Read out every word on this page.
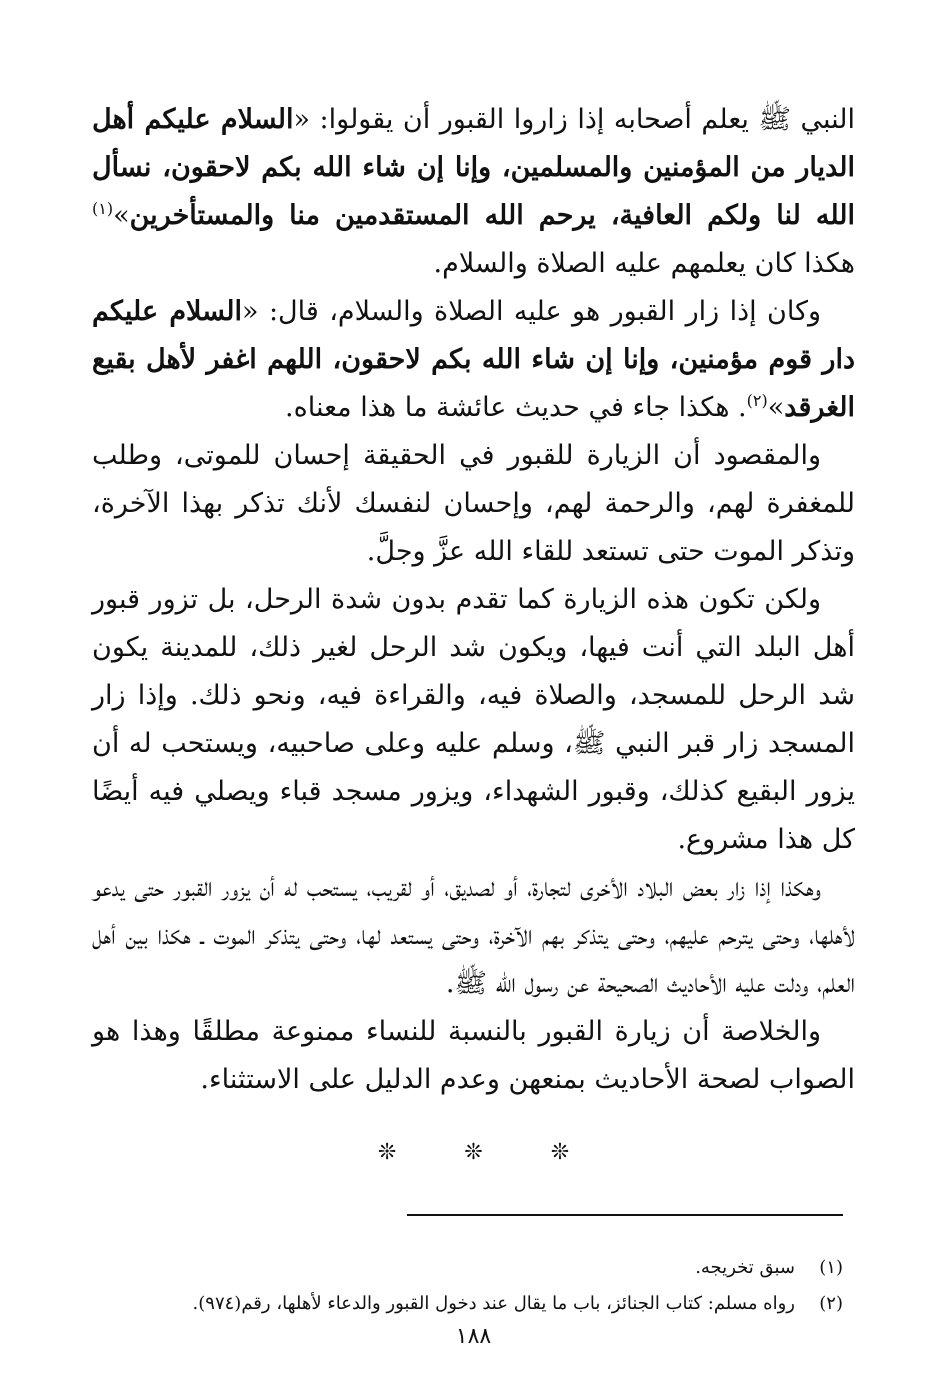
النبي ﷺ يعلم أصحابه إذا زاروا القبور أن يقولوا: «السلام عليكم أهل الديار من المؤمنين والمسلمين، وإنا إن شاء الله بكم لاحقون، نسأل الله لنا ولكم العافية، يرحم الله المستقدمين منا والمستأخرين»$^{(١)}$ هكذا كان يعلمهم عليه الصلاة والسلام.

وكان إذا زار القبور هو عليه الصلاة والسلام، قال: «السلام عليكم دار قوم مؤمنين، وإنا إن شاء الله بكم لاحقون، اللهم اغفر لأهل بقيع الغرقد»$^{(٢)}$. هكذا جاء في حديث عائشة ما هذا معناه.

والمقصود أن الزيارة للقبور في الحقيقة إحسان للموتى، وطلب للمغفرة لهم، والرحمة لهم، وإحسان لنفسك لأنك تذكر بهذا الآخرة، وتذكر الموت حتى تستعد للقاء الله عزَّ وجلَّ.

ولكن تكون هذه الزيارة كما تقدم بدون شدة الرحل، بل تزور قبور أهل البلد التي أنت فيها، ويكون شد الرحل لغير ذلك، للمدينة يكون شد الرحل للمسجد، والصلاة فيه، والقراءة فيه، ونحو ذلك. وإذا زار المسجد زار قبر النبي ﷺ، وسلم عليه وعلى صاحبيه، ويستحب له أن يزور البقيع كذلك، وقبور الشهداء، ويزور مسجد قباء ويصلي فيه أيضًا كل هذا مشروع.

وهكذا إذا زار بعض البلاد الأخرى لتجارة، أو لصديق، أو لقريب، يستحب له أن يزور القبور حتى يدعو لأهلها، وحتى يترحم عليهم، وحتى يتذكر بهم الآخرة، وحتى يستعد لها، وحتى يتذكر الموت ـ هكذا بين أهل العلم، ودلت عليه الأحاديث الصحيحة عن رسول الله ﷺ.

والخلاصة أن زيارة القبور بالنسبة للنساء ممنوعة مطلقًا وهذا هو الصواب لصحة الأحاديث بمنعهن وعدم الدليل على الاستثناء.

❊❊❊
(١)
سبق تخريجه.
(٢)
رواه مسلم: كتاب الجنائز، باب ما يقال عند دخول القبور والدعاء لأهلها، رقم(٩٧٤).
١٨٨
